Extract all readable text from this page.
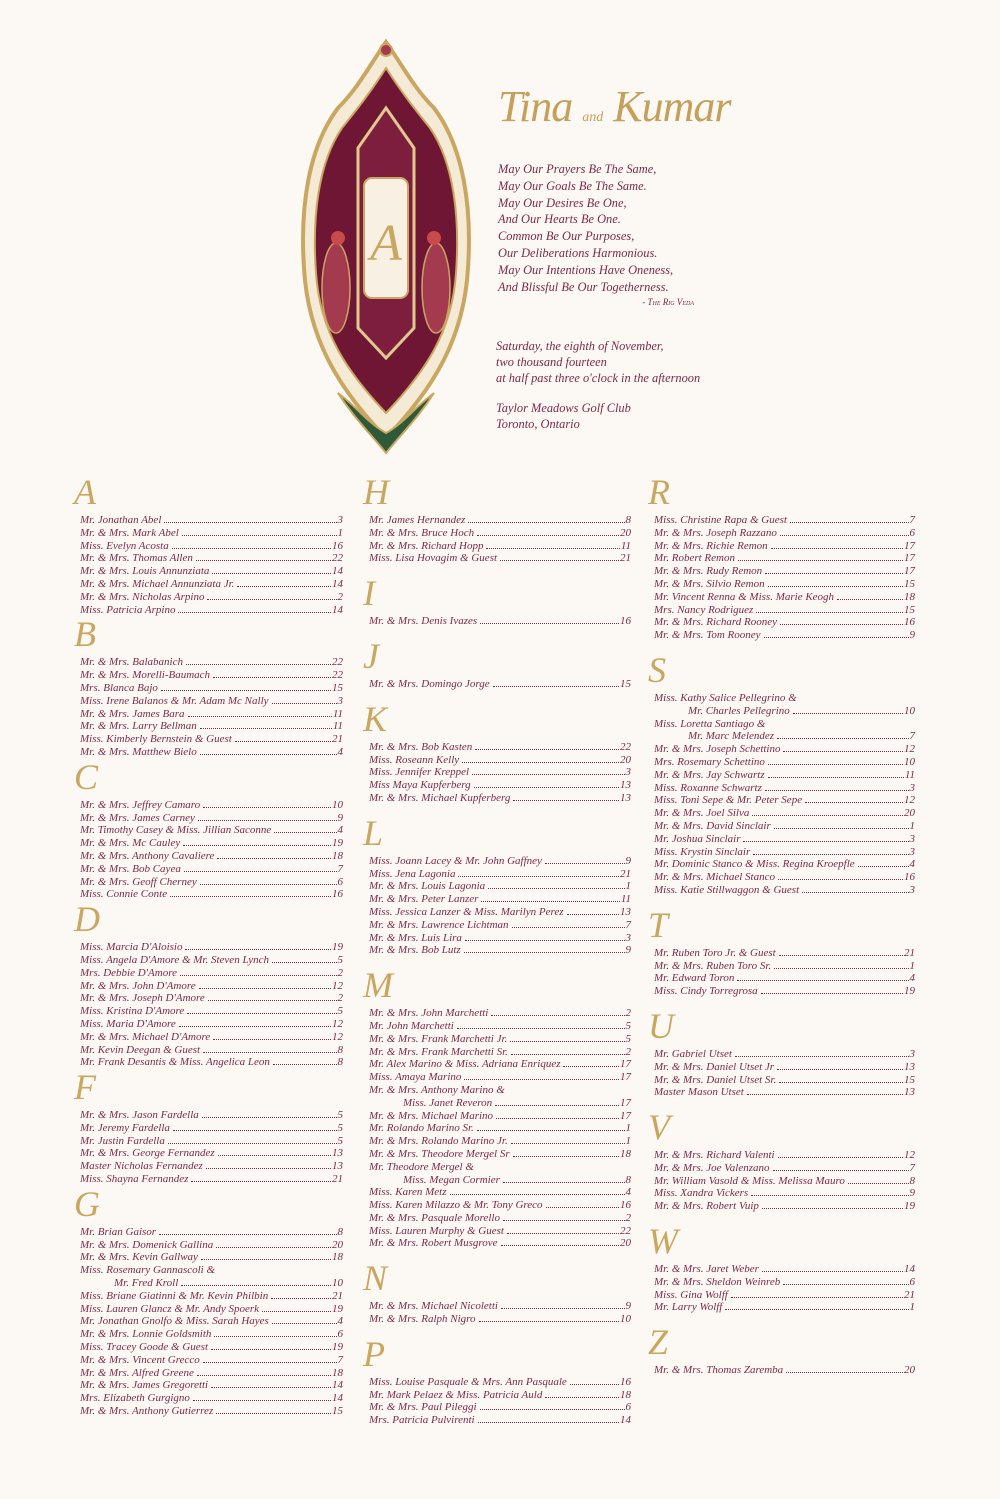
A
Tina and Kumar
May Our Prayers Be The Same,
May Our Goals Be The Same.
May Our Desires Be One,
And Our Hearts Be One.
Common Be Our Purposes,
Our Deliberations Harmonious.
May Our Intentions Have Oneness,
And Blissful Be Our Togetherness.
- The Rig Veda
Saturday, the eighth of November,
two thousand fourteen
at half past three o'clock in the afternoon
Taylor Meadows Golf Club
Toronto, Ontario
A
Mr. Jonathan Abel	3
Mr. & Mrs. Mark Abel	1
Miss. Evelyn Acosta	16
Mr. & Mrs. Thomas Allen	22
Mr. & Mrs. Louis Annunziata	14
Mr. & Mrs. Michael Annunziata Jr.	14
Mr. & Mrs. Nicholas Arpino	2
Miss. Patricia Arpino	14
B
Mr. & Mrs. Balabanich	22
Mr. & Mrs. Morelli-Baumach	22
Mrs. Blanca Bajo	15
Miss. Irene Balanos & Mr. Adam Mc Nally	3
Mr. & Mrs. James Bara	11
Mr. & Mrs. Larry Bellman	11
Miss. Kimberly Bernstein & Guest	21
Mr. & Mrs. Matthew Bielo	4
C
Mr. & Mrs. Jeffrey Camaro	10
Mr. & Mrs. James Carney	9
Mr. Timothy Casey & Miss. Jillian Saconne	4
Mr. & Mrs. Mc Cauley	19
Mr. & Mrs. Anthony Cavaliere	18
Mr. & Mrs. Bob Cayea	7
Mr. & Mrs. Geoff Cherney	6
Miss. Connie Conte	16
D
Miss. Marcia D'Aloisio	19
Miss. Angela D'Amore & Mr. Steven Lynch	5
Mrs. Debbie D'Amore	2
Mr. & Mrs. John D'Amore	12
Mr. & Mrs. Joseph D'Amore	2
Miss. Kristina D'Amore	5
Miss. Maria D'Amore	12
Mr. & Mrs. Michael D'Amore	12
Mr. Kevin Deegan & Guest	8
Mr. Frank Desantis & Miss. Angelica Leon	8
F
Mr. & Mrs. Jason Fardella	5
Mr. Jeremy Fardella	5
Mr. Justin Fardella	5
Mr. & Mrs. George Fernandez	13
Master Nicholas Fernandez	13
Miss. Shayna Fernandez	21
G
Mr. Brian Gaisor	8
Mr. & Mrs. Domenick Gallina	20
Mr. & Mrs. Kevin Gallway	18
Miss. Rosemary Gannascoli &
Mr. Fred Kroll	10
Miss. Briane Giatinni & Mr. Kevin Philbin	21
Miss. Lauren Glancz & Mr. Andy Spoerk	19
Mr. Jonathan Gnolfo & Miss. Sarah Hayes	4
Mr. & Mrs. Lonnie Goldsmith	6
Miss. Tracey Goode & Guest	19
Mr. & Mrs. Vincent Grecco	7
Mr. & Mrs. Alfred Greene	18
Mr. & Mrs. James Gregoretti	14
Mrs. Elizabeth Gurgigno	14
Mr. & Mrs. Anthony Gutierrez	15
H
Mr. James Hernandez	8
Mr. & Mrs. Bruce Hoch	20
Mr. & Mrs. Richard Hopp	11
Miss. Lisa Hovagim & Guest	21
I
Mr. & Mrs. Denis Ivazes	16
J
Mr. & Mrs. Domingo Jorge	15
K
Mr. & Mrs. Bob Kasten	22
Miss. Roseann Kelly	20
Miss. Jennifer Kreppel	3
Miss Maya Kupferberg	13
Mr. & Mrs. Michael Kupferberg	13
L
Miss. Joann Lacey & Mr. John Gaffney	9
Miss. Jena Lagonia	21
Mr. & Mrs. Louis Lagonia	1
Mr. & Mrs. Peter Lanzer	11
Miss. Jessica Lanzer & Miss. Marilyn Perez	13
Mr. & Mrs. Lawrence Lichtman	7
Mr. & Mrs. Luis Lira	3
Mr. & Mrs. Bob Lutz	9
M
Mr. & Mrs. John Marchetti	2
Mr. John Marchetti	5
Mr. & Mrs. Frank Marchetti Jr.	5
Mr. & Mrs. Frank Marchetti Sr.	2
Mr. Alex Marino & Miss. Adriana Enriquez	17
Miss. Amaya Marino	17
Mr. & Mrs. Anthony Marino &
Miss. Janet Reveron	17
Mr. & Mrs. Michael Marino	17
Mr. Rolando Marino Sr.	1
Mr. & Mrs. Rolando Marino Jr.	1
Mr. & Mrs. Theodore Mergel Sr	18
Mr. Theodore Mergel &
Miss. Megan Cormier	8
Miss. Karen Metz	4
Miss. Karen Milazzo & Mr. Tony Greco	16
Mr. & Mrs. Pasquale Morello	2
Miss. Lauren Murphy & Guest	22
Mr. & Mrs. Robert Musgrove	20
N
Mr. & Mrs. Michael Nicoletti	9
Mr. & Mrs. Ralph Nigro	10
P
Miss. Louise Pasquale & Mrs. Ann Pasquale	16
Mr. Mark Pelaez & Miss. Patricia Auld	18
Mr. & Mrs. Paul Pileggi	6
Mrs. Patricia Pulvirenti	14
R
Miss. Christine Rapa & Guest	7
Mr. & Mrs. Joseph Razzano	6
Mr. & Mrs. Richie Remon	17
Mr. Robert Remon	17
Mr. & Mrs. Rudy Remon	17
Mr. & Mrs. Silvio Remon	15
Mr. Vincent Renna & Miss. Marie Keogh	18
Mrs. Nancy Rodriguez	15
Mr. & Mrs. Richard Rooney	16
Mr. & Mrs. Tom Rooney	9
S
Miss. Kathy Salice Pellegrino &
Mr. Charles Pellegrino	10
Miss. Loretta Santiago &
Mr. Marc Melendez	7
Mr. & Mrs. Joseph Schettino	12
Mrs. Rosemary Schettino	10
Mr. & Mrs. Jay Schwartz	11
Miss. Roxanne Schwartz	3
Miss. Toni Sepe & Mr. Peter Sepe	12
Mr. & Mrs. Joel Silva	20
Mr. & Mrs. David Sinclair	1
Mr. Joshua Sinclair	3
Miss. Krystin Sinclair	3
Mr. Dominic Stanco & Miss. Regina Kroepfle	4
Mr. & Mrs. Michael Stanco	16
Miss. Katie Stillwaggon & Guest	3
T
Mr. Ruben Toro Jr. & Guest	21
Mr. & Mrs. Ruben Toro Sr.	1
Mr. Edward Toron	4
Miss. Cindy Torregrosa	19
U
Mr. Gabriel Utset	3
Mr. & Mrs. Daniel Utset Jr	13
Mr. & Mrs. Daniel Utset Sr.	15
Master Mason Utset	13
V
Mr. & Mrs. Richard Valenti	12
Mr. & Mrs. Joe Valenzano	7
Mr. William Vasold & Miss. Melissa Mauro	8
Miss. Xandra Vickers	9
Mr. & Mrs. Robert Vuip	19
W
Mr. & Mrs. Jaret Weber	14
Mr. & Mrs. Sheldon Weinreb	6
Miss. Gina Wolff	21
Mr. Larry Wolff	1
Z
Mr. & Mrs. Thomas Zaremba	20
